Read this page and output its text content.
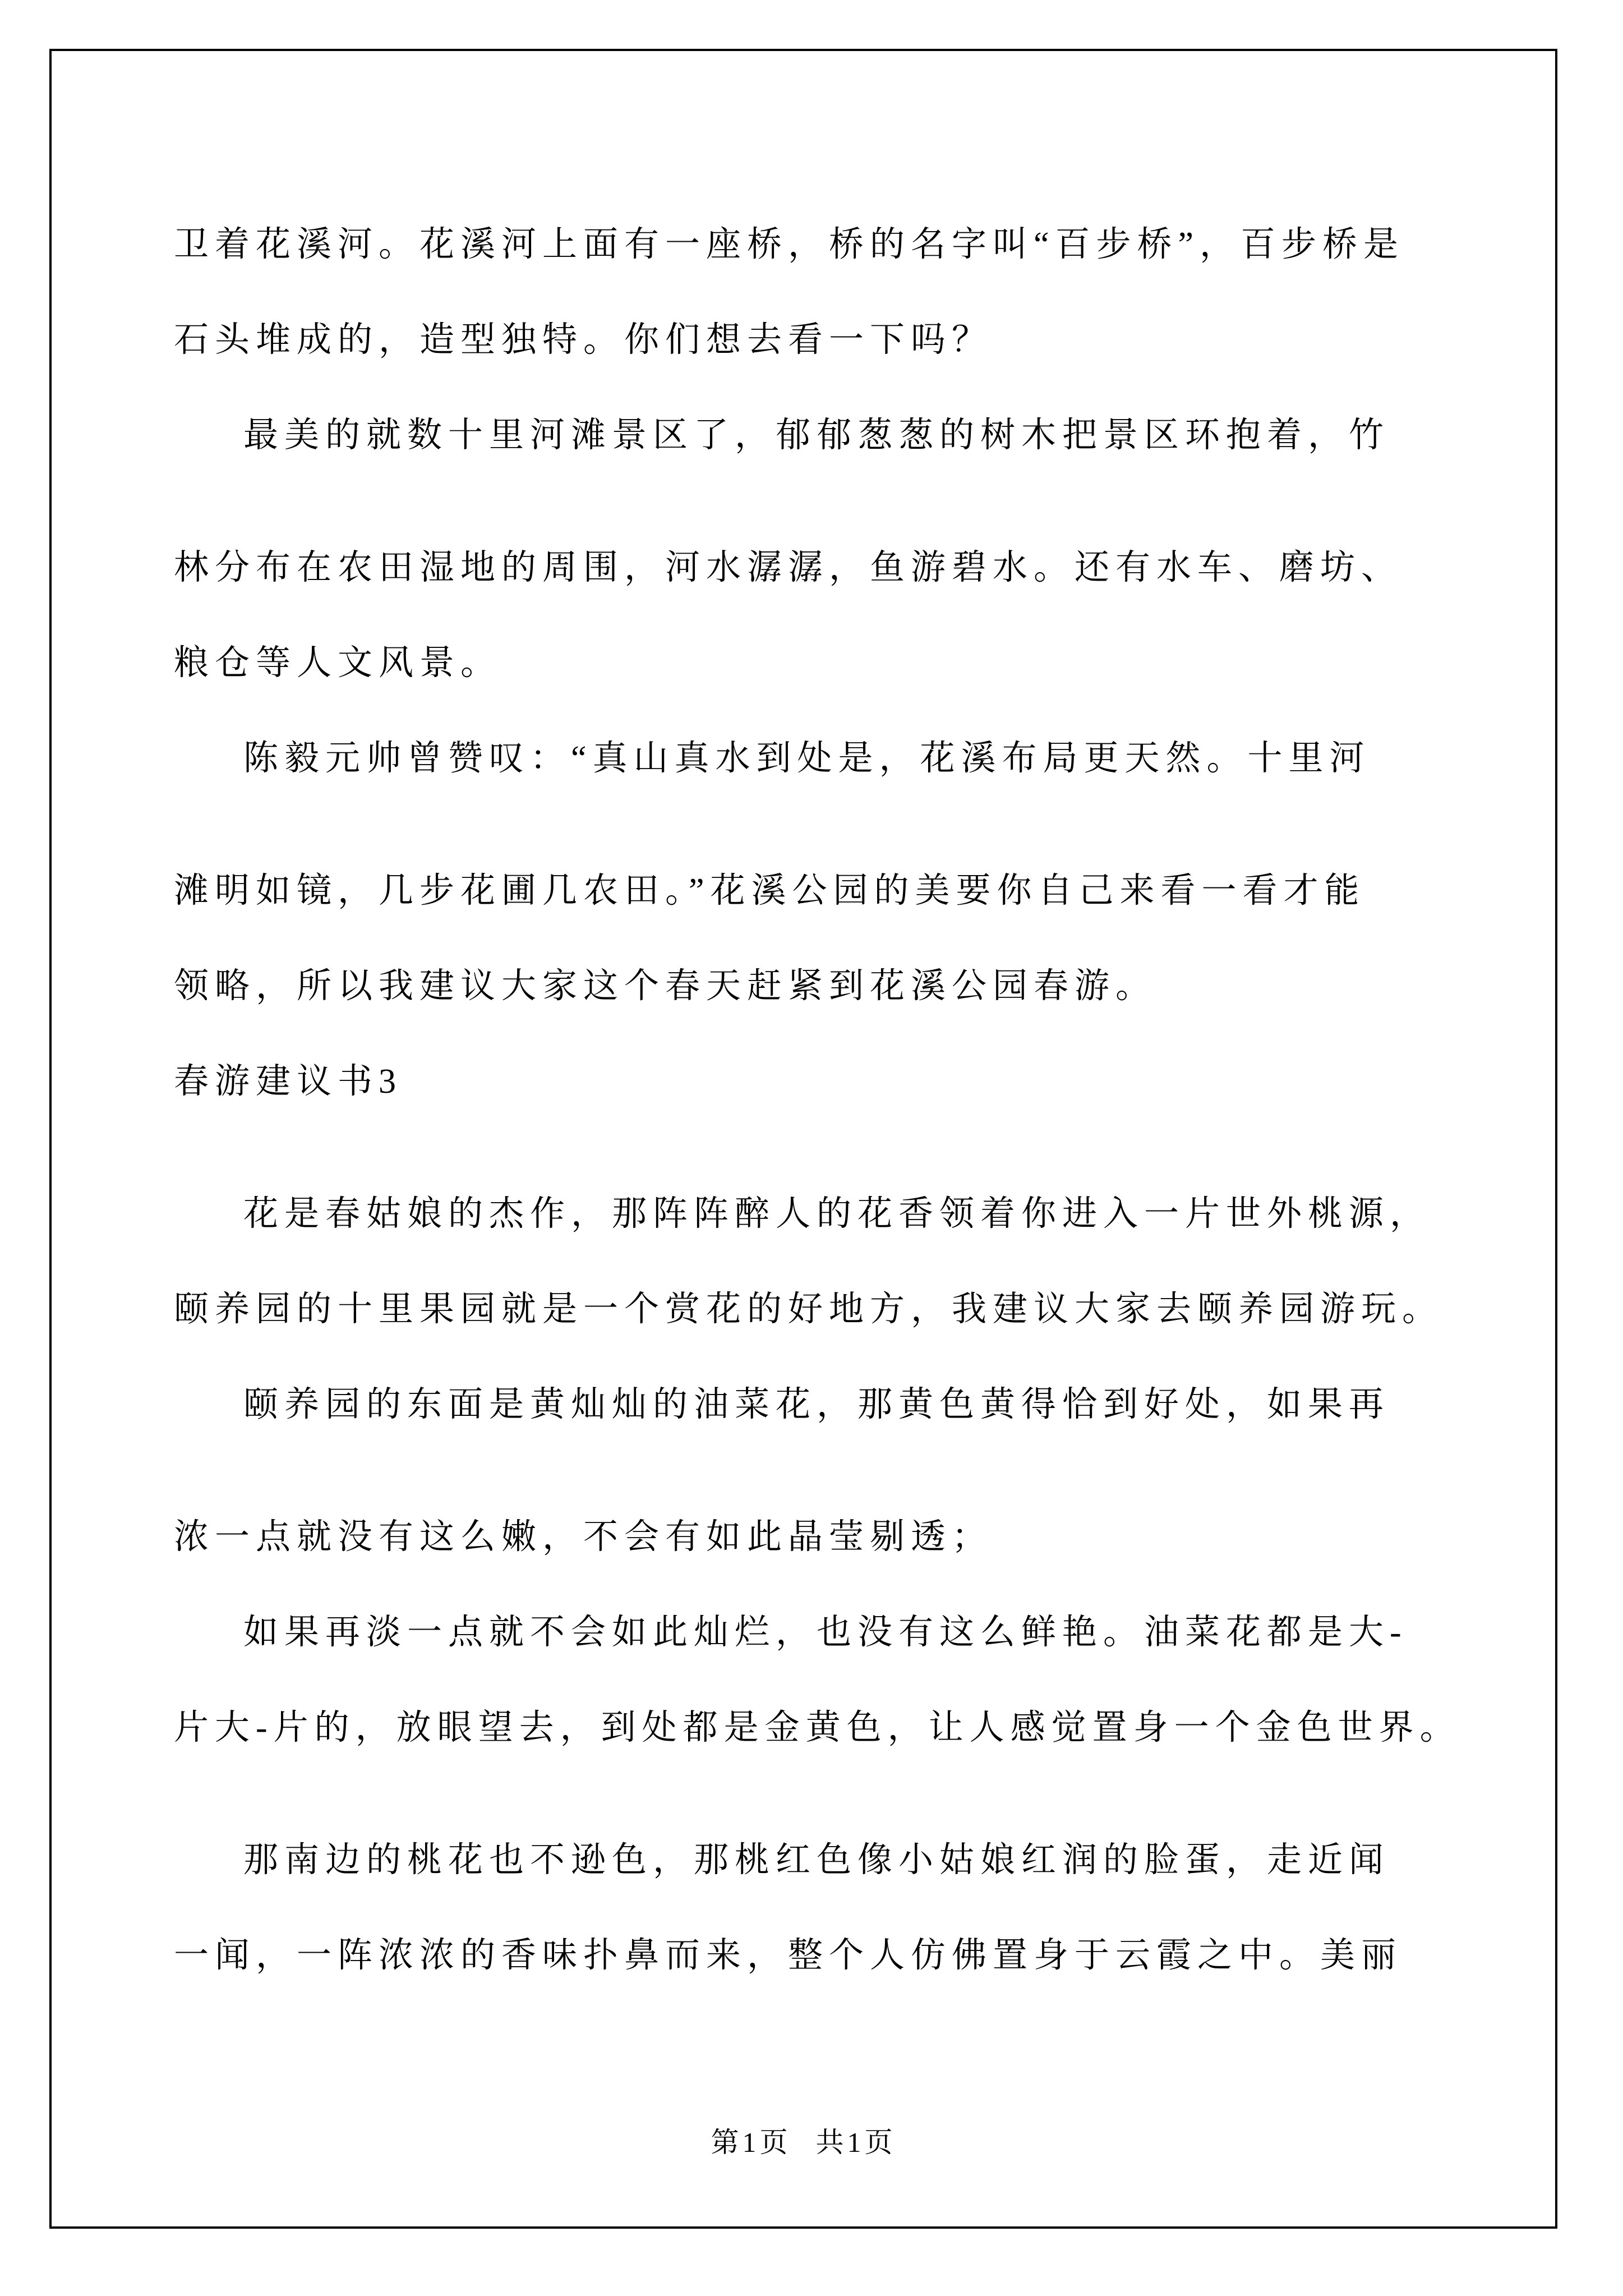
卫着花溪河。花溪河上面有一座桥，桥的名字叫“百步桥”，百步桥是
石头堆成的，造型独特。你们想去看一下吗？
最美的就数十里河滩景区了，郁郁葱葱的树木把景区环抱着，竹
林分布在农田湿地的周围，河水潺潺，鱼游碧水。还有水车、磨坊、
粮仓等人文风景。
陈毅元帅曾赞叹：“真山真水到处是，花溪布局更天然。十里河
滩明如镜，几步花圃几农田。”花溪公园的美要你自己来看一看才能
领略，所以我建议大家这个春天赶紧到花溪公园春游。
春游建议书3
花是春姑娘的杰作，那阵阵醉人的花香领着你进入一片世外桃源，
颐养园的十里果园就是一个赏花的好地方，我建议大家去颐养园游玩。
颐养园的东面是黄灿灿的油菜花，那黄色黄得恰到好处，如果再
浓一点就没有这么嫩，不会有如此晶莹剔透；
如果再淡一点就不会如此灿烂，也没有这么鲜艳。油菜花都是大-
片大-片的，放眼望去，到处都是金黄色，让人感觉置身一个金色世界。
那南边的桃花也不逊色，那桃红色像小姑娘红润的脸蛋，走近闻
一闻，一阵浓浓的香味扑鼻而来，整个人仿佛置身于云霞之中。美丽
第1页 共1页
